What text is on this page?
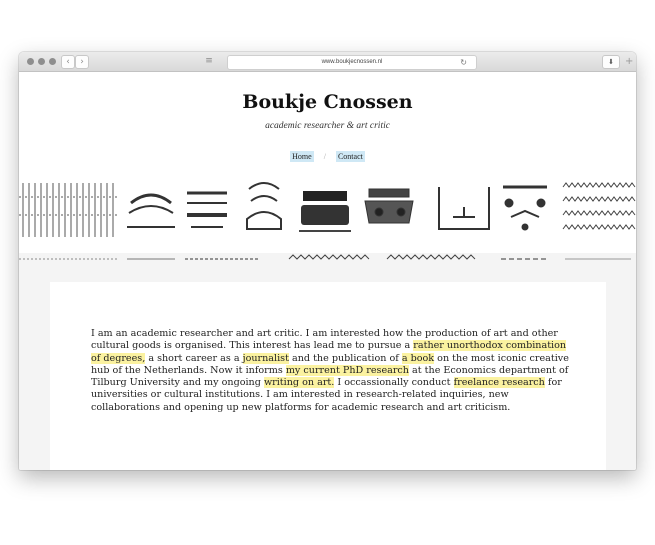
‹	›	≡	www.boukjecnossen.nl	↻	⬇	+
Boukje Cnossen
academic researcher & art critic
Home / Contact

I am an academic researcher and art critic. I am interested how the production of art and other cultural goods is organised. This interest has lead me to pursue a rather unorthodox combination of degrees, a short career as a journalist and the publication of a book on the most iconic creative hub of the Netherlands. Now it informs my current PhD research at the Economics department of Tilburg University and my ongoing writing on art. I occassionally conduct freelance research for universities or cultural institutions. I am interested in research-related inquiries, new collaborations and opening up new platforms for academic research and art criticism.
